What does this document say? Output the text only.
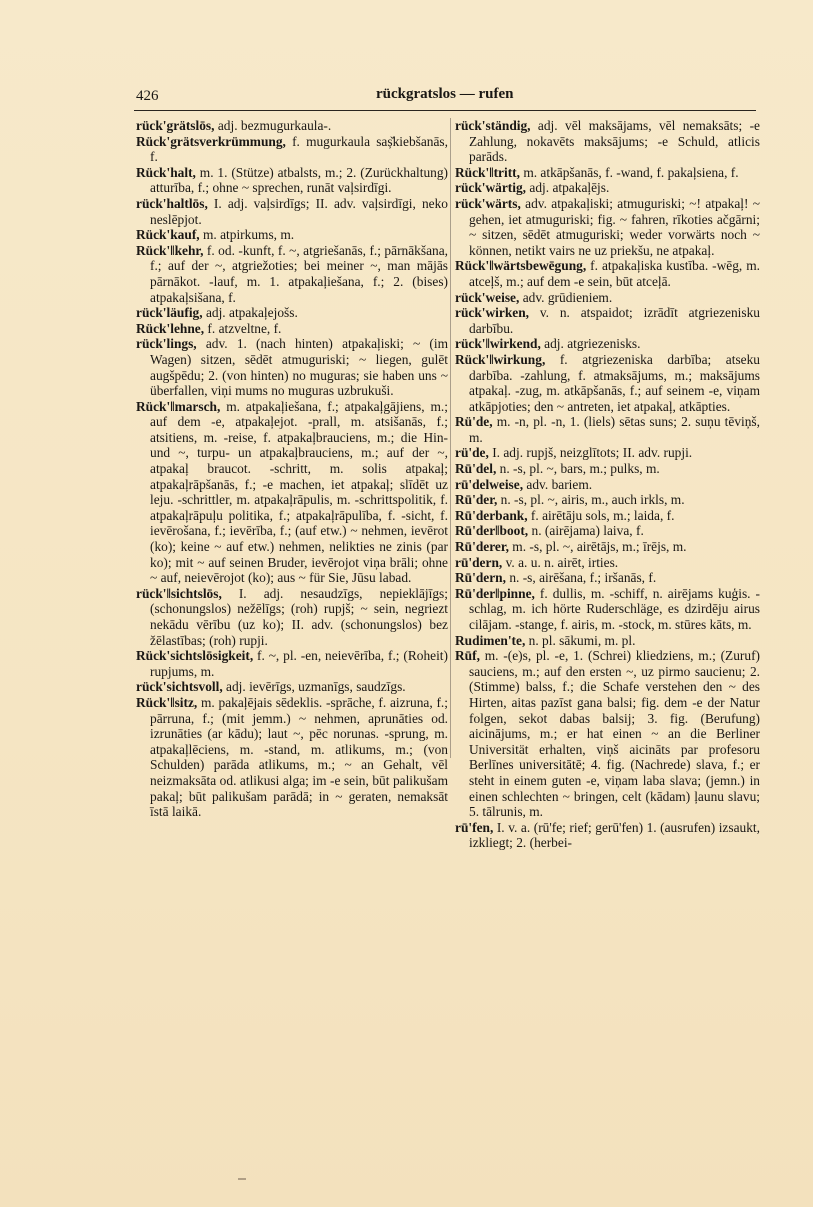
426	rückgratslos — rufen

rück'grätslōs, adj. bezmugurkaula-.

Rück'grätsverkrümmung, f. mugurkaula saș̌kiebšanās, f.

Rück'halt, m. 1. (Stütze) atbalsts, m.; 2. (Zurückhaltung) atturība, f.; ohne ~ sprechen, runāt vaļsirdīgi.

rück'haltlōs, I. adj. vaļsirdīgs; II. adv. vaļsirdīgi, neko neslēpjot.

Rück'kauf, m. atpirkums, m.

Rück'‖kehr, f. od. -kunft, f. ~, atgriešanās, f.; pārnākšana, f.; auf der ~, atgriežoties; bei meiner ~, man mājās pārnākot. -lauf, m. 1. atpakaļiešana, f.; 2. (bises) atpakaļsišana, f.

rück'läufig, adj. atpakaļejošs.

Rück'lehne, f. atzveltne, f.

rück'lings, adv. 1. (nach hinten) atpakaļiski; ~ (im Wagen) sitzen, sēdēt atmuguriski; ~ liegen, gulēt augšpēdu; 2. (von hinten) no muguras; sie haben uns ~ überfallen, viņi mums no muguras uzbrukuši.

Rück'‖marsch, m. atpakaļiešana, f.; atpakaļgājiens, m.; auf dem -e, atpakaļejot. -prall, m. atsišanās, f.; atsitiens, m. -reise, f. atpakaļbrauciens, m.; die Hin- und ~, turpu- un atpakaļbrauciens, m.; auf der ~, atpakaļ braucot. -schritt, m. solis atpakaļ; atpakaļrāpšanās, f.; -e machen, iet atpakaļ; slīdēt uz leju. -schrittler, m. atpakaļrāpulis, m. -schrittspolitik, f. atpakaļrāpuļu politika, f.; atpakaļrāpulība, f. -sicht, f. ievērošana, f.; ievērība, f.; (auf etw.) ~ nehmen, ievērot (ko); keine ~ auf etw.) nehmen, nelikties ne zinis (par ko); mit ~ auf seinen Bruder, ievērojot viņa brāli; ohne ~ auf, neievērojot (ko); aus ~ für Sie, Jūsu labad.

rück'‖sichtslōs, I. adj. nesaudzīgs, nepieklājīgs; (schonungslos) nežēlīgs; (roh) rupjš; ~ sein, negriezt nekādu vērību (uz ko); II. adv. (schonungslos) bez žēlastības; (roh) rupji.

Rück'sichtslōsigkeit, f. ~, pl. -en, neievērība, f.; (Roheit) rupjums, m.

rück'sichtsvoll, adj. ievērīgs, uzmanīgs, saudzīgs.

Rück'‖sitz, m. pakaļējais sēdeklis. -sprāche, f. aizruna, f.; pārruna, f.; (mit jemm.) ~ nehmen, aprunāties od. izrunāties (ar kādu); laut ~, pēc norunas. -sprung, m. atpakaļlēciens, m. -stand, m. atlikums, m.; (von Schulden) parāda atlikums, m.; ~ an Gehalt, vēl neizmaksāta od. atlikusi alga; im -e sein, būt palikušam pakaļ; būt palikušam parādā; in ~ geraten, nemaksāt īstā laikā.

rück'ständig, adj. vēl maksājams, vēl nemaksāts; -e Zahlung, nokavēts maksājums; -e Schuld, atlicis parāds.

Rück'‖tritt, m. atkāpšanās, f. -wand, f. pakaļsiena, f.

rück'wärtig, adj. atpakaļējs.

rück'wärts, adv. atpakaļiski; atmuguriski; ~! atpakaļ! ~ gehen, iet atmuguriski; fig. ~ fahren, rīkoties ačgārni; ~ sitzen, sēdēt atmuguriski; weder vorwärts noch ~ können, netikt vairs ne uz priekšu, ne atpakaļ.

Rück'‖wärtsbewēgung, f. atpakaļiska kustība. -wēg, m. atceļš, m.; auf dem -e sein, būt atceļā.

rück'weise, adv. grūdieniem.

rück'wirken, v. n. atspaidot; izrādīt atgriezenisku darbību.

rück'‖wirkend, adj. atgriezenisks.

Rück'‖wirkung, f. atgriezeniska darbība; atseku darbība. -zahlung, f. atmaksājums, m.; maksājums atpakaļ. -zug, m. atkāpšanās, f.; auf seinem -e, viņam atkāpjoties; den ~ antreten, iet atpakaļ, atkāpties.

Rü'de, m. -n, pl. -n, 1. (liels) sētas suns; 2. suņu tēviņš, m.

rü'de, I. adj. rupjš, neizglītots; II. adv. rupji.

Rū'del, n. -s, pl. ~, bars, m.; pulks, m.

rū'delweise, adv. bariem.

Rū'der, n. -s, pl. ~, airis, m., auch irkls, m.

Rū'derbank, f. airētāju sols, m.; laida, f.

Rū'der‖boot, n. (airējama) laiva, f.

Rū'derer, m. -s, pl. ~, airētājs, m.; īrējs, m.

rū'dern, v. a. u. n. airēt, irties.

Rū'dern, n. -s, airēšana, f.; iršanās, f.

Rū'der‖pinne, f. dullis, m. -schiff, n. airējams kuģis. -schlag, m. ich hörte Ruderschläge, es dzirdēju airus cilājam. -stange, f. airis, m. -stock, m. stūres kāts, m.

Rudimen'te, n. pl. sākumi, m. pl.

Rūf, m. -(e)s, pl. -e, 1. (Schrei) kliedziens, m.; (Zuruf) sauciens, m.; auf den ersten ~, uz pirmo saucienu; 2. (Stimme) balss, f.; die Schafe verstehen den ~ des Hirten, aitas pazīst gana balsi; fig. dem -e der Natur folgen, sekot dabas balsij; 3. fig. (Berufung) aicinājums, m.; er hat einen ~ an die Berliner Universität erhalten, viņš aicināts par profesoru Berlīnes universitātē; 4. fig. (Nachrede) slava, f.; er steht in einem guten -e, viņam laba slava; (jemn.) in einen schlechten ~ bringen, celt (kādam) ļaunu slavu; 5. tālrunis, m.

rū'fen, I. v. a. (rū'fe; rief; gerū'fen) 1. (ausrufen) izsaukt, izkliegt; 2. (herbei-
